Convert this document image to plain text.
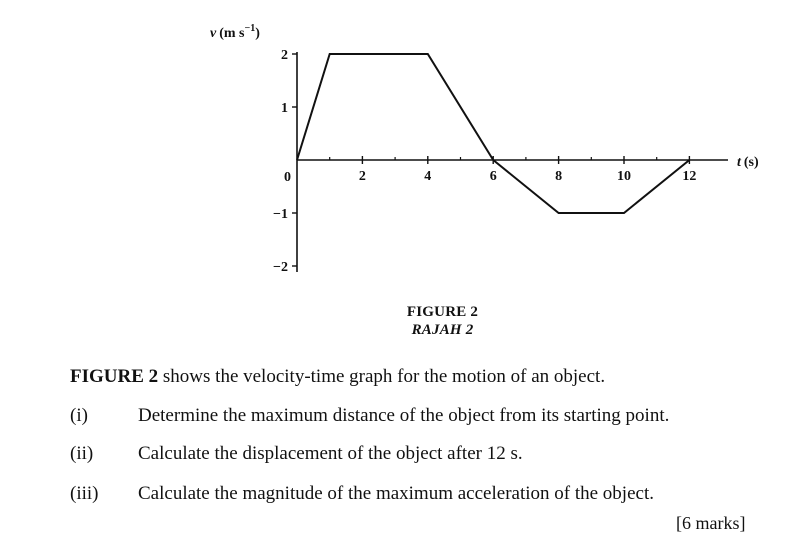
v (m $s^{-1}$)
t (s)
0	2	4	6	8	10	12
2
1
−1
−2
FIGURE 2
RAJAH 2
FIGURE 2 shows the velocity-time graph for the motion of an object.
(i)	Determine the maximum distance of the object from its starting point.
(ii) Calculate the displacement of the object after 12 s.
(iii) Calculate the magnitude of the maximum acceleration of the object.
[6 marks]
